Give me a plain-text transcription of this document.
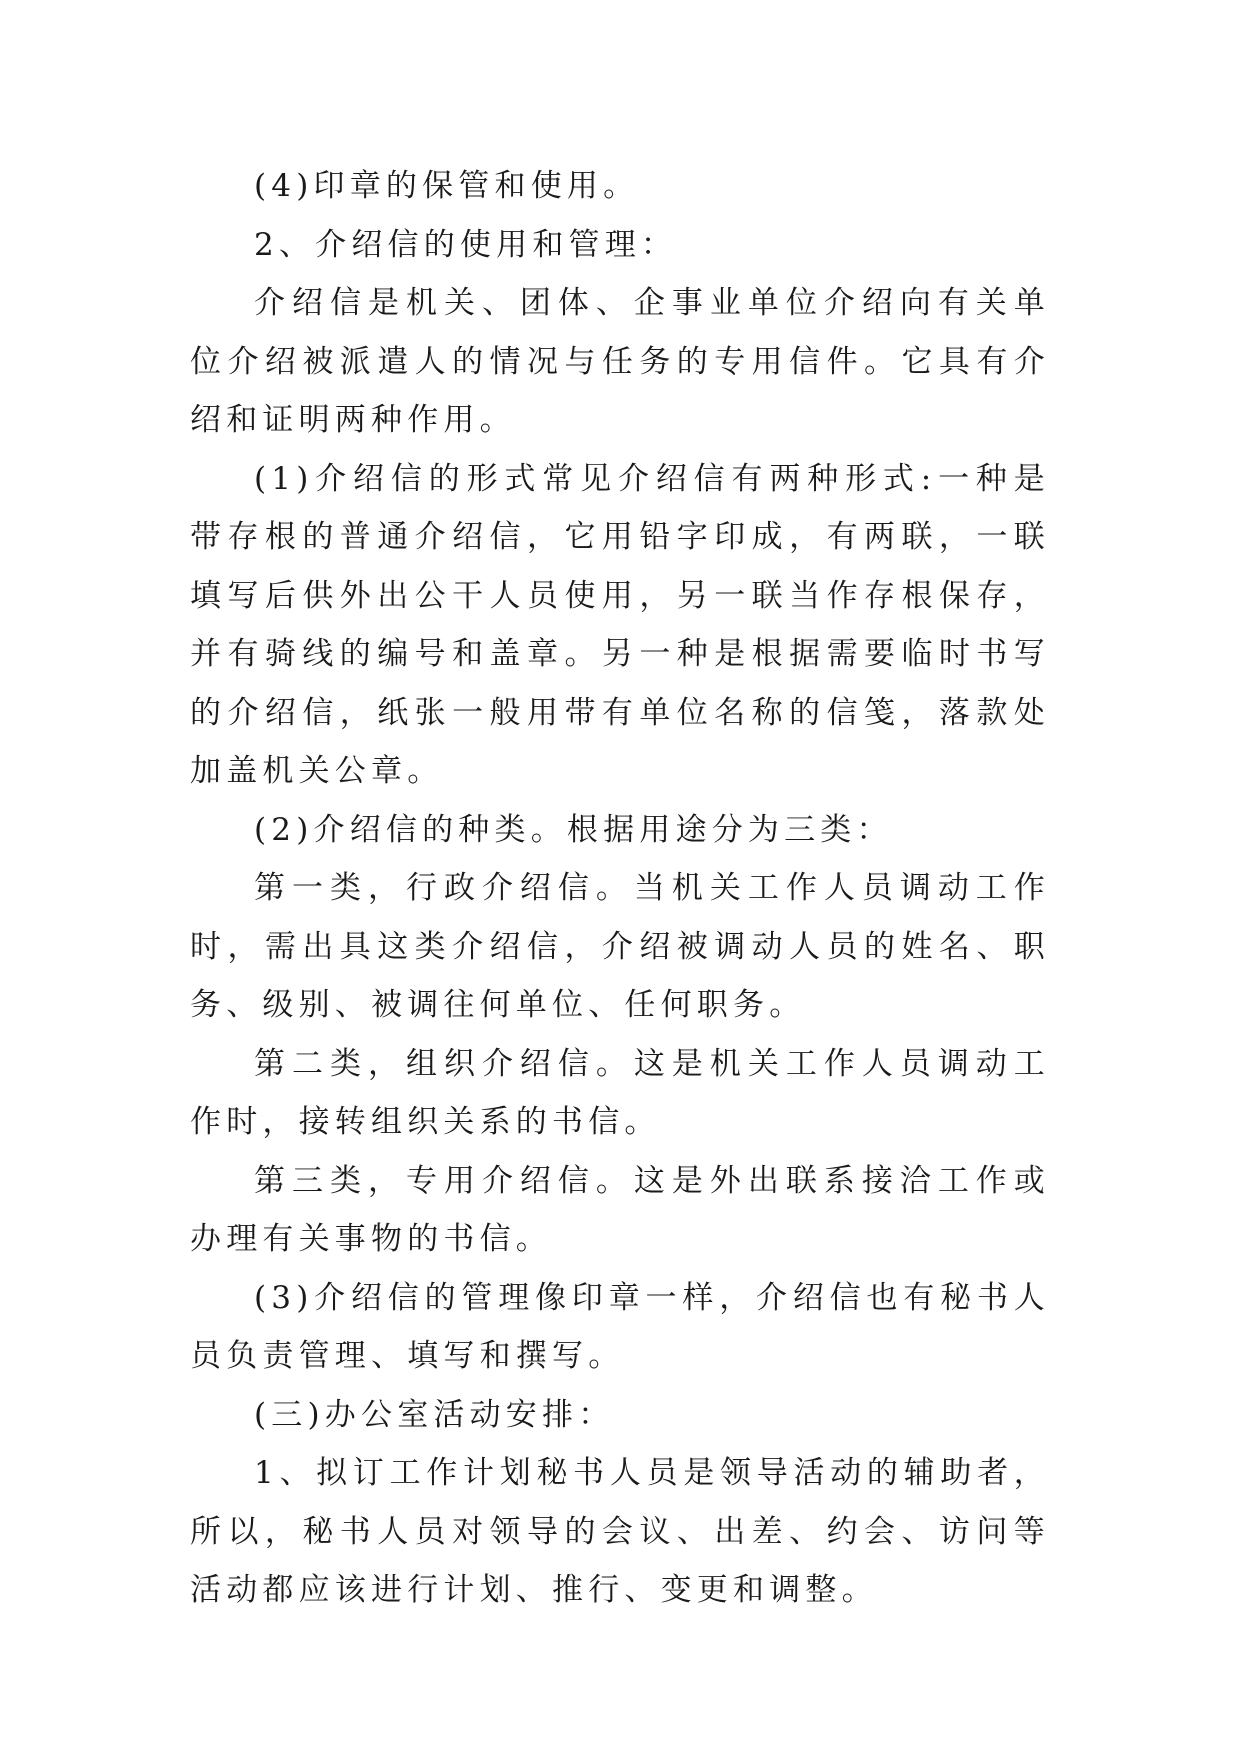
(4)印章的保管和使用。

2、介绍信的使用和管理：

介绍信是机关、团体、企事业单位介绍向有关单位介绍被派遣人的情况与任务的专用信件。它具有介绍和证明两种作用。

(1)介绍信的形式常见介绍信有两种形式:一种是带存根的普通介绍信，它用铅字印成，有两联，一联填写后供外出公干人员使用，另一联当作存根保存，并有骑线的编号和盖章。另一种是根据需要临时书写的介绍信，纸张一般用带有单位名称的信笺，落款处加盖机关公章。

(2)介绍信的种类。根据用途分为三类：

第一类，行政介绍信。当机关工作人员调动工作时，需出具这类介绍信，介绍被调动人员的姓名、职务、级别、被调往何单位、任何职务。

第二类，组织介绍信。这是机关工作人员调动工作时，接转组织关系的书信。

第三类，专用介绍信。这是外出联系接洽工作或办理有关事物的书信。

(3)介绍信的管理像印章一样，介绍信也有秘书人员负责管理、填写和撰写。

(三)办公室活动安排：

1、拟订工作计划秘书人员是领导活动的辅助者，所以，秘书人员对领导的会议、出差、约会、访问等活动都应该进行计划、推行、变更和调整。
